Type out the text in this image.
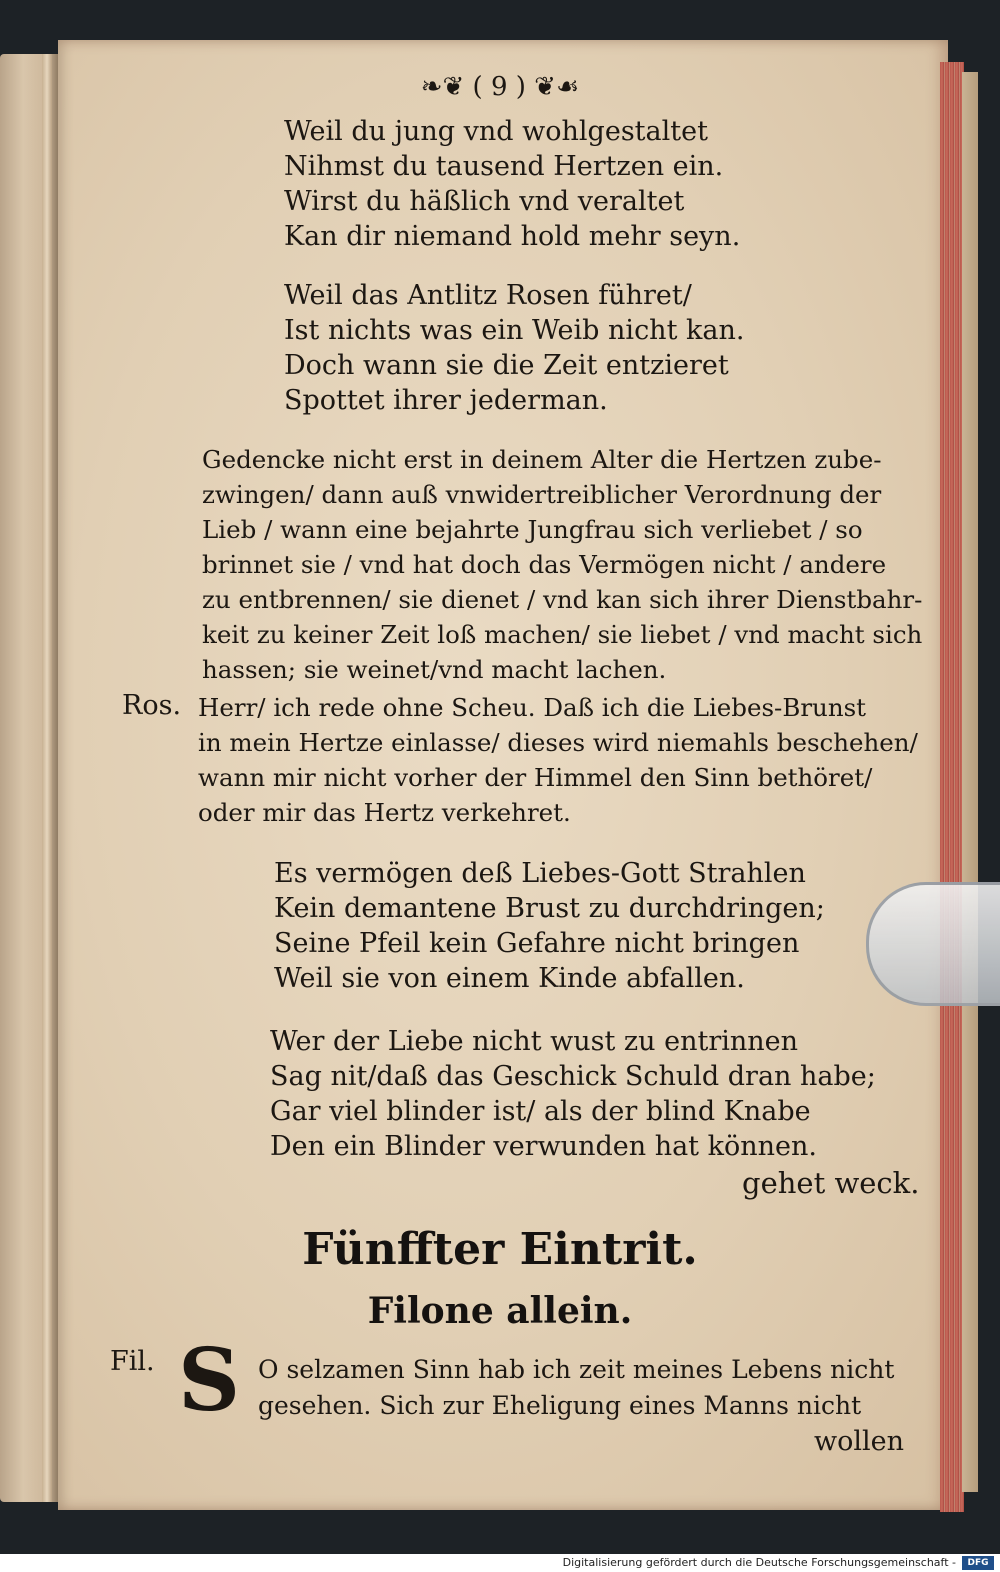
❧❦ ( 9 ) ❦☙
Weil du jung vnd wohlgestaltet
Nihmst du tausend Hertzen ein.
Wirst du häßlich vnd veraltet
Kan dir niemand hold mehr seyn.
Weil das Antlitz Rosen führet/
Ist nichts was ein Weib nicht kan.
Doch wann sie die Zeit entzieret
Spottet ihrer jederman.
Gedencke nicht erst in deinem Alter die Hertzen zube-
zwingen/ dann auß vnwidertreiblicher Verordnung der
Lieb / wann eine bejahrte Jungfrau sich verliebet / so
brinnet sie / vnd hat doch das Vermögen nicht / andere
zu entbrennen/ sie dienet / vnd kan sich ihrer Dienstbahr-
keit zu keiner Zeit loß machen/ sie liebet / vnd macht sich
hassen; sie weinet/vnd macht lachen.
Ros. Herr/ ich rede ohne Scheu. Daß ich die Liebes-Brunst
in mein Hertze einlasse/ dieses wird niemahls beschehen/
wann mir nicht vorher der Himmel den Sinn bethöret/
oder mir das Hertz verkehret.
Es vermögen deß Liebes-Gott Strahlen
Kein demantene Brust zu durchdringen;
Seine Pfeil kein Gefahre nicht bringen
Weil sie von einem Kinde abfallen.
Wer der Liebe nicht wust zu entrinnen
Sag nit/daß das Geschick Schuld dran habe;
Gar viel blinder ist/ als der blind Knabe
Den ein Blinder verwunden hat können.
gehet weck.
Fünffter Eintrit.
Filone allein.
Fil. S O selzamen Sinn hab ich zeit meines Lebens nicht
gesehen. Sich zur Eheligung eines Manns nicht
wollen
Digitalisierung gefördert durch die Deutsche Forschungsgemeinschaft -	DFG
